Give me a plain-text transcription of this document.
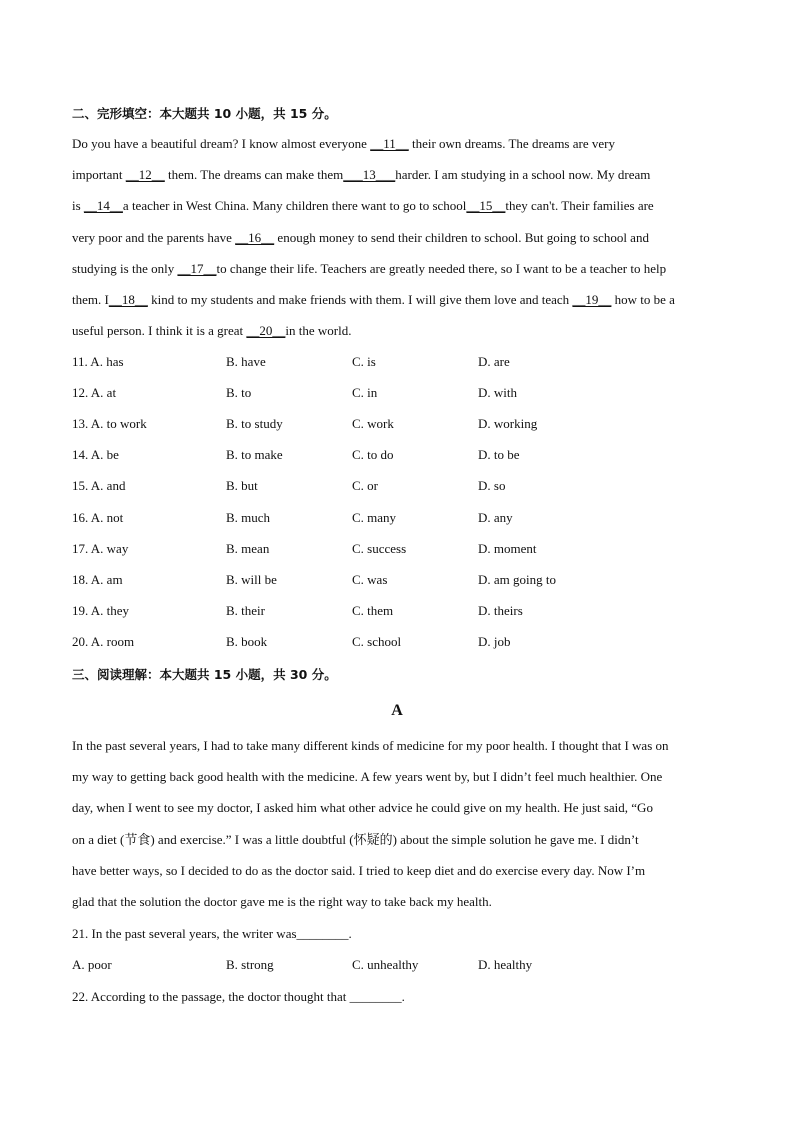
二、完形填空：本大题共 10 小题，共 15 分。
Do you have a beautiful dream? I know almost everyone __11__ their own dreams. The dreams are very
important __12__ them. The dreams can make them___13___harder. I am studying in a school now. My dream
is __14__a teacher in West China. Many children there want to go to school__15__they can't. Their families are
very poor and the parents have __16__ enough money to send their children to school. But going to school and
studying is the only __17__to change their life. Teachers are greatly needed there, so I want to be a teacher to help
them. I__18__ kind to my students and make friends with them. I will give them love and teach __19__ how to be a
useful person. I think it is a great __20__in the world.
11. A. has	B. have	C. is	D. are
12. A. at	B. to	C. in	D. with
13. A. to work	B. to study	C. work	D. working
14. A. be	B. to make	C. to do	D. to be
15. A. and	B. but	C. or	D. so
16. A. not	B. much	C. many	D. any
17. A. way	B. mean	C. success	D. moment
18. A. am	B. will be	C. was	D. am going to
19. A. they	B. their	C. them	D. theirs
20. A. room	B. book	C. school	D. job
三、阅读理解：本大题共 15 小题，共 30 分。
A
In the past several years, I had to take many different kinds of medicine for my poor health. I thought that I was on
my way to getting back good health with the medicine. A few years went by, but I didn’t feel much healthier. One
day, when I went to see my doctor, I asked him what other advice he could give on my health. He just said, “Go
on a diet (节食) and exercise.” I was a little doubtful (怀疑的) about the simple solution he gave me. I didn’t
have better ways, so I decided to do as the doctor said. I tried to keep diet and do exercise every day. Now I’m
glad that the solution the doctor gave me is the right way to take back my health.
21. In the past several years, the writer was________.
A. poor	B. strong	C. unhealthy	D. healthy
22. According to the passage, the doctor thought that ________.
